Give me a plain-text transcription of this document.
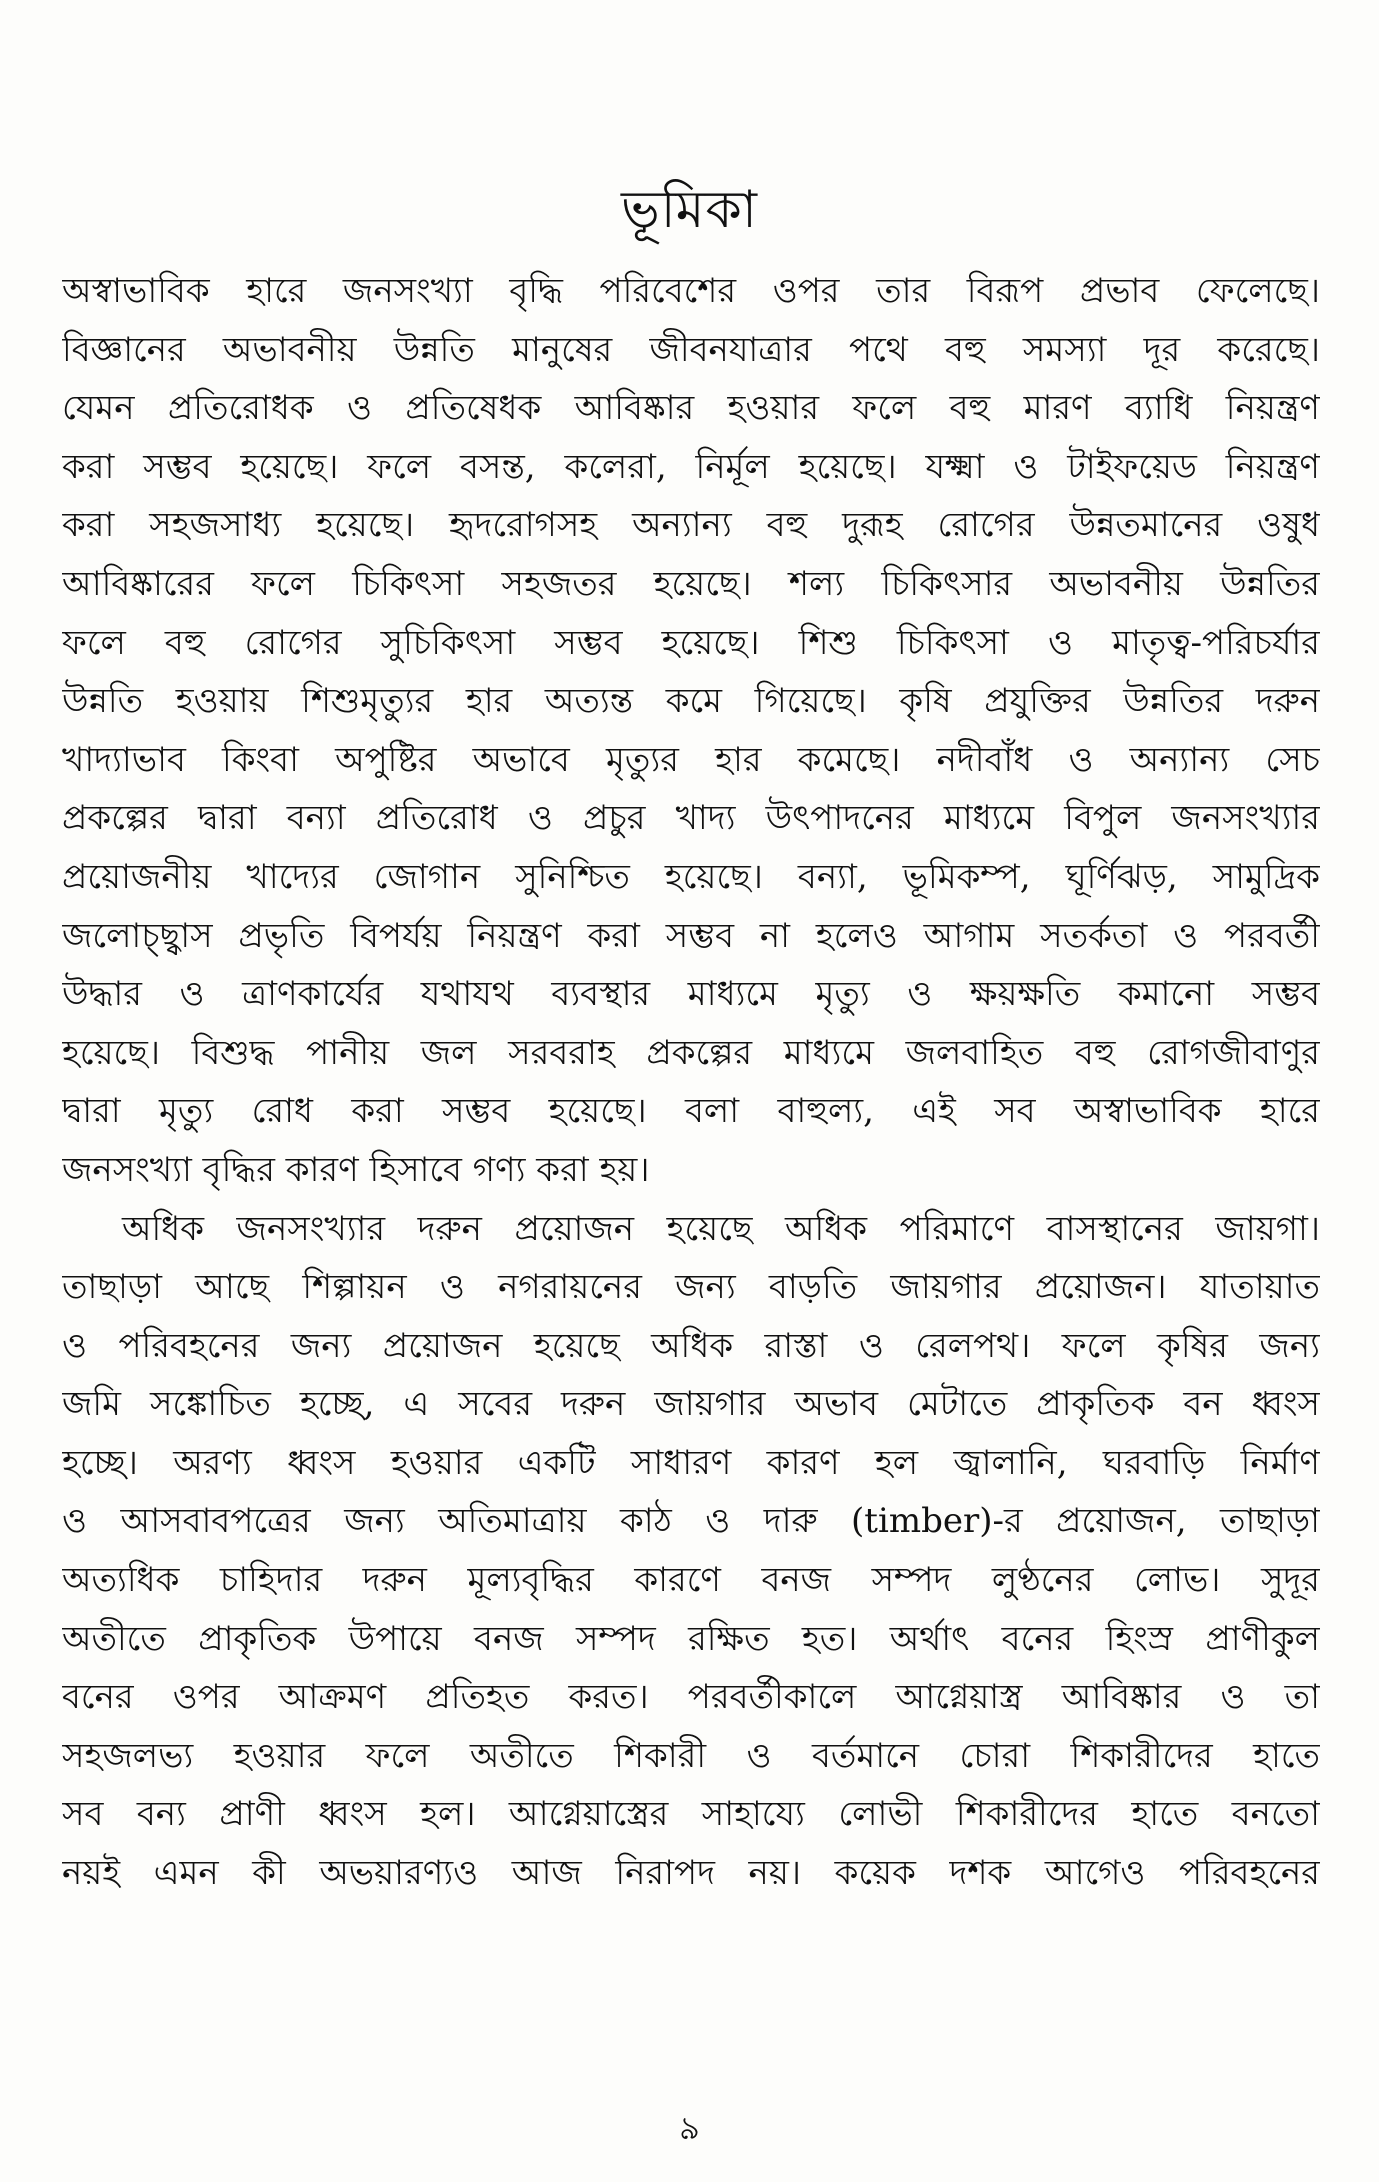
ভূমিকা
অস্বাভাবিক হারে জনসংখ্যা বৃদ্ধি পরিবেশের ওপর তার বিরূপ প্রভাব ফেলেছে।
বিজ্ঞানের অভাবনীয় উন্নতি মানুষের জীবনযাত্রার পথে বহু সমস্যা দূর করেছে।
যেমন প্রতিরোধক ও প্রতিষেধক আবিষ্কার হওয়ার ফলে বহু মারণ ব্যাধি নিয়ন্ত্রণ
করা সম্ভব হয়েছে। ফলে বসন্ত, কলেরা, নির্মূল হয়েছে। যক্ষ্মা ও টাইফয়েড নিয়ন্ত্রণ
করা সহজসাধ্য হয়েছে। হৃদরোগসহ অন্যান্য বহু দুরূহ রোগের উন্নতমানের ওষুধ
আবিষ্কারের ফলে চিকিৎসা সহজতর হয়েছে। শল্য চিকিৎসার অভাবনীয় উন্নতির
ফলে বহু রোগের সুচিকিৎসা সম্ভব হয়েছে। শিশু চিকিৎসা ও মাতৃত্ব-পরিচর্যার
উন্নতি হওয়ায় শিশুমৃত্যুর হার অত্যন্ত কমে গিয়েছে। কৃষি প্রযুক্তির উন্নতির দরুন
খাদ্যাভাব কিংবা অপুষ্টির অভাবে মৃত্যুর হার কমেছে। নদীবাঁধ ও অন্যান্য সেচ
প্রকল্পের দ্বারা বন্যা প্রতিরোধ ও প্রচুর খাদ্য উৎপাদনের মাধ্যমে বিপুল জনসংখ্যার
প্রয়োজনীয় খাদ্যের জোগান সুনিশ্চিত হয়েছে। বন্যা, ভূমিকম্প, ঘূর্ণিঝড়, সামুদ্রিক
জলোচ্ছ্বাস প্রভৃতি বিপর্যয় নিয়ন্ত্রণ করা সম্ভব না হলেও আগাম সতর্কতা ও পরবর্তী
উদ্ধার ও ত্রাণকার্যের যথাযথ ব্যবস্থার মাধ্যমে মৃত্যু ও ক্ষয়ক্ষতি কমানো সম্ভব
হয়েছে। বিশুদ্ধ পানীয় জল সরবরাহ প্রকল্পের মাধ্যমে জলবাহিত বহু রোগজীবাণুর
দ্বারা মৃত্যু রোধ করা সম্ভব হয়েছে। বলা বাহুল্য, এই সব অস্বাভাবিক হারে
জনসংখ্যা বৃদ্ধির কারণ হিসাবে গণ্য করা হয়।
অধিক জনসংখ্যার দরুন প্রয়োজন হয়েছে অধিক পরিমাণে বাসস্থানের জায়গা।
তাছাড়া আছে শিল্পায়ন ও নগরায়নের জন্য বাড়তি জায়গার প্রয়োজন। যাতায়াত
ও পরিবহনের জন্য প্রয়োজন হয়েছে অধিক রাস্তা ও রেলপথ। ফলে কৃষির জন্য
জমি সঙ্কোচিত হচ্ছে, এ সবের দরুন জায়গার অভাব মেটাতে প্রাকৃতিক বন ধ্বংস
হচ্ছে। অরণ্য ধ্বংস হওয়ার একটি সাধারণ কারণ হল জ্বালানি, ঘরবাড়ি নির্মাণ
ও আসবাবপত্রের জন্য অতিমাত্রায় কাঠ ও দারু (timber)-র প্রয়োজন, তাছাড়া
অত্যধিক চাহিদার দরুন মূল্যবৃদ্ধির কারণে বনজ সম্পদ লুণ্ঠনের লোভ। সুদূর
অতীতে প্রাকৃতিক উপায়ে বনজ সম্পদ রক্ষিত হত। অর্থাৎ বনের হিংস্র প্রাণীকুল
বনের ওপর আক্রমণ প্রতিহত করত। পরবর্তীকালে আগ্নেয়াস্ত্র আবিষ্কার ও তা
সহজলভ্য হওয়ার ফলে অতীতে শিকারী ও বর্তমানে চোরা শিকারীদের হাতে
সব বন্য প্রাণী ধ্বংস হল। আগ্নেয়াস্ত্রের সাহায্যে লোভী শিকারীদের হাতে বনতো
নয়ই এমন কী অভয়ারণ্যও আজ নিরাপদ নয়। কয়েক দশক আগেও পরিবহনের
৯
